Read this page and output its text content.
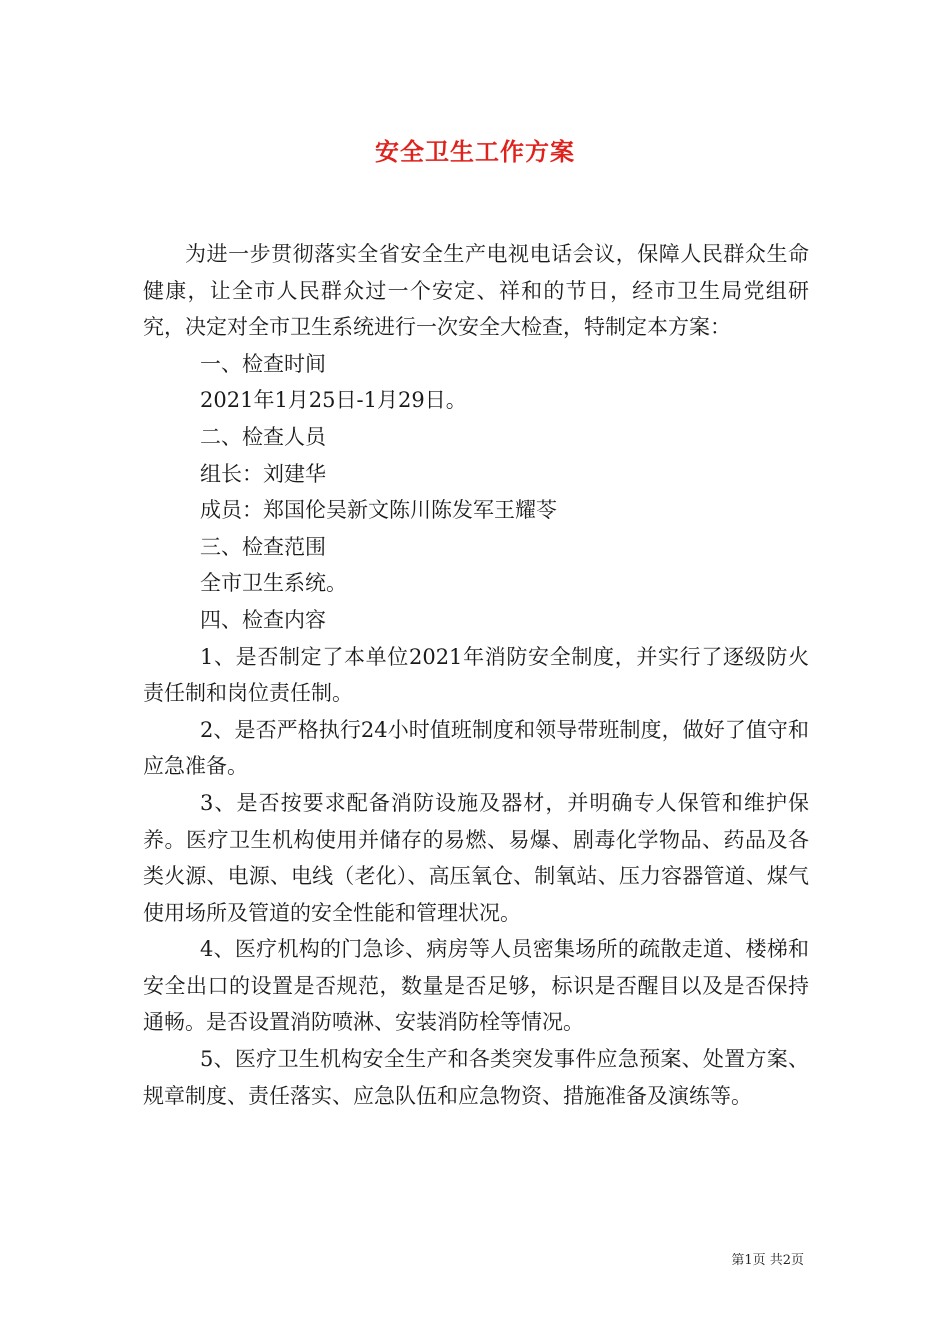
安全卫生工作方案

为进一步贯彻落实全省安全生产电视电话会议，保障人民群众生命健康，让全市人民群众过一个安定、祥和的节日，经市卫生局党组研究，决定对全市卫生系统进行一次安全大检查，特制定本方案：

一、检查时间

2021年1月25日-1月29日。

二、检查人员

组长：刘建华

成员：郑国伦吴新文陈川陈发军王耀苓

三、检查范围

全市卫生系统。

四、检查内容

1、是否制定了本单位2021年消防安全制度，并实行了逐级防火责任制和岗位责任制。

2、是否严格执行24小时值班制度和领导带班制度，做好了值守和应急准备。

3、是否按要求配备消防设施及器材，并明确专人保管和维护保养。医疗卫生机构使用并储存的易燃、易爆、剧毒化学物品、药品及各类火源、电源、电线（老化）、高压氧仓、制氧站、压力容器管道、煤气使用场所及管道的安全性能和管理状况。

4、医疗机构的门急诊、病房等人员密集场所的疏散走道、楼梯和安全出口的设置是否规范，数量是否足够，标识是否醒目以及是否保持通畅。是否设置消防喷淋、安装消防栓等情况。

5、医疗卫生机构安全生产和各类突发事件应急预案、处置方案、规章制度、责任落实、应急队伍和应急物资、措施准备及演练等。

第1页 共2页
